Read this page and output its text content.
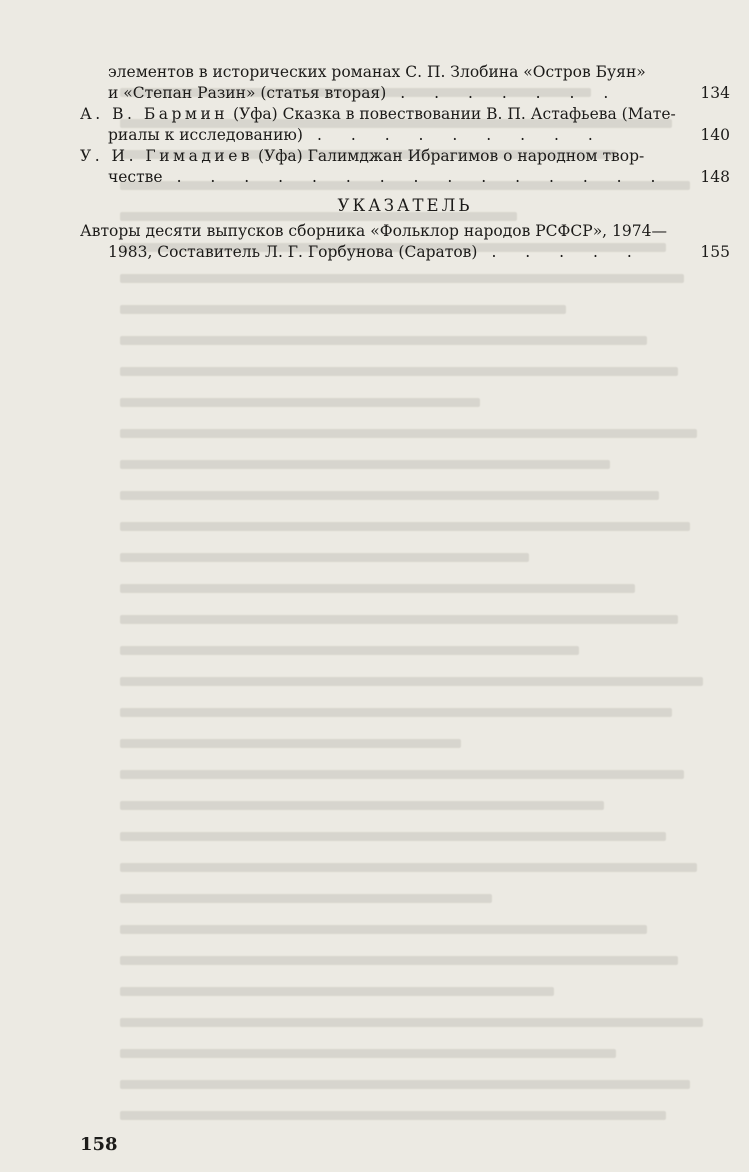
элементов в исторических романах С. П. Злобина «Остров Буян»
и «Степан Разин» (статья вторая) . . . . . . .	134
А. В. Бармин (Уфа) Сказка в повествовании В. П. Астафьева (Мате-
риалы к исследованию) . . . . . . . . .	140
У. И. Гимадиев (Уфа) Галимджан Ибрагимов о народном твор-
честве . . . . . . . . . . . . . . .	148
УКАЗАТЕЛЬ
Авторы десяти выпусков сборника «Фольклор народов РСФСР», 1974—
1983, Составитель Л. Г. Горбунова (Саратов) . . . . .	155
158
